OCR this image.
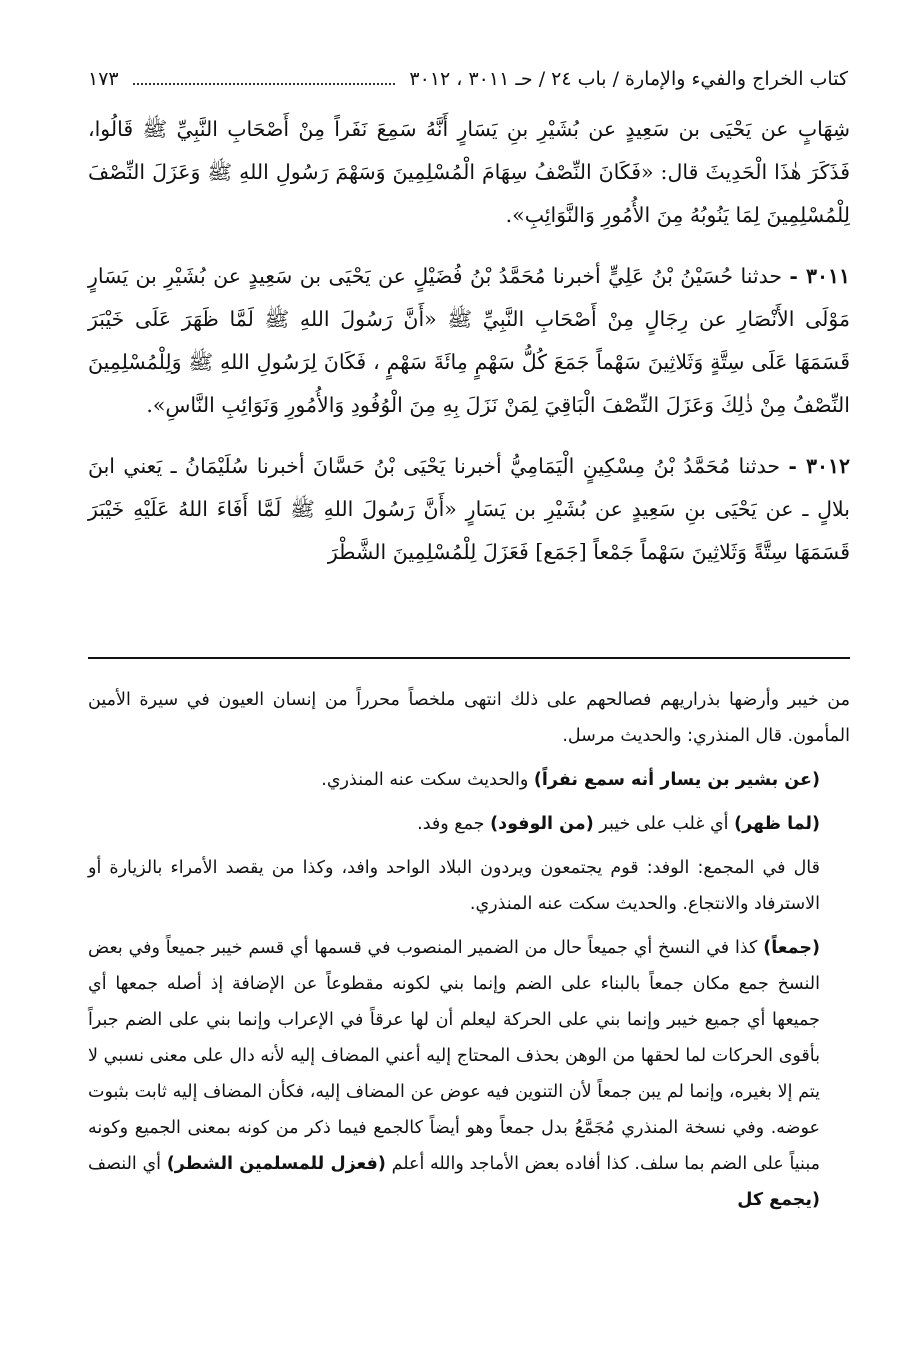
كتاب الخراج والفيء والإمارة / باب ٢٤ / حـ ٣٠١١ ، ٣٠١٢
١٧٣

شِهَابٍ عن يَحْيَى بن سَعِيدٍ عن بُشَيْرِ بنِ يَسَارٍ أَنَّهُ سَمِعَ نَفَراً مِنْ أَصْحَابِ النَّبِيِّ ﷺ قَالُوا، فَذَكَرَ هٰذَا الْحَدِيثَ قال: «فَكَانَ النِّصْفُ سِهَامَ الْمُسْلِمِينَ وَسَهْمَ رَسُولِ اللهِ ﷺ وَعَزَلَ النِّصْفَ لِلْمُسْلِمِينَ لِمَا يَنُوبُهُ مِنَ الأُمُورِ وَالنَّوَائِبِ».

٣٠١١ - حدثنا حُسَيْنُ بْنُ عَلِيٍّ أخبرنا مُحَمَّدُ بْنُ فُضَيْلٍ عن يَحْيَى بن سَعِيدٍ عن بُشَيْرِ بن يَسَارٍ مَوْلَى الأَنْصَارِ عن رِجَالٍ مِنْ أَصْحَابِ النَّبِيِّ ﷺ «أَنَّ رَسُولَ اللهِ ﷺ لَمَّا ظَهَرَ عَلَى خَيْبَرَ قَسَمَهَا عَلَى سِتَّةٍ وَثَلاثِينَ سَهْماً جَمَعَ كُلُّ سَهْمٍ مِائَةَ سَهْمٍ ، فَكَانَ لِرَسُولِ اللهِ ﷺ وَلِلْمُسْلِمِينَ النِّصْفُ مِنْ ذٰلِكَ وَعَزَلَ النِّصْفَ الْبَاقِيَ لِمَنْ نَزَلَ بِهِ مِنَ الْوُفُودِ وَالأُمُورِ وَنَوَائِبِ النَّاسِ».

٣٠١٢ - حدثنا مُحَمَّدُ بْنُ مِسْكِينٍ الْيَمَامِيُّ أخبرنا يَحْيَى بْنُ حَسَّانَ أخبرنا سُلَيْمَانُ ـ يَعني ابنَ بلالٍ ـ عن يَحْيَى بنِ سَعِيدٍ عن بُشَيْرِ بن يَسَارٍ «أَنَّ رَسُولَ اللهِ ﷺ لَمَّا أَفَاءَ اللهُ عَلَيْهِ خَيْبَرَ قَسَمَهَا سِتَّةً وَثَلاثِينَ سَهْماً جَمْعاً [جَمَع] فَعَزَلَ لِلْمُسْلِمِينَ الشَّطْرَ

من خيبر وأرضها بذراريهم فصالحهم على ذلك انتهى ملخصاً محرراً من إنسان العيون في سيرة الأمين المأمون. قال المنذري: والحديث مرسل.

(عن بشير بن يسار أنه سمع نفراً) والحديث سكت عنه المنذري.

(لما ظهر) أي غلب على خيبر (من الوفود) جمع وفد.

قال في المجمع: الوفد: قوم يجتمعون ويردون البلاد الواحد وافد، وكذا من يقصد الأمراء بالزيارة أو الاسترفاد والانتجاع. والحديث سكت عنه المنذري.

(جمعاً) كذا في النسخ أي جميعاً حال من الضمير المنصوب في قسمها أي قسم خيبر جميعاً وفي بعض النسخ جمع مكان جمعاً بالبناء على الضم وإنما بني لكونه مقطوعاً عن الإضافة إذ أصله جمعها أي جميعها أي جميع خيبر وإنما بني على الحركة ليعلم أن لها عرقاً في الإعراب وإنما بني على الضم جبراً بأقوى الحركات لما لحقها من الوهن بحذف المحتاج إليه أعني المضاف إليه لأنه دال على معنى نسبي لا يتم إلا بغيره، وإنما لم يبن جمعاً لأن التنوين فيه عوض عن المضاف إليه، فكأن المضاف إليه ثابت بثبوت عوضه. وفي نسخة المنذري مُجَمَّعُ بدل جمعاً وهو أيضاً كالجمع فيما ذكر من كونه بمعنى الجميع وكونه مبنياً على الضم بما سلف. كذا أفاده بعض الأماجد والله أعلم (فعزل للمسلمين الشطر) أي النصف (يجمع كل
